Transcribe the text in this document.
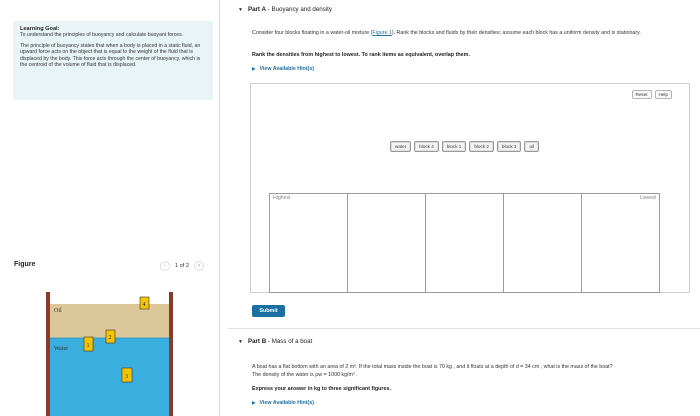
Learning Goal:

To understand the principles of buoyancy and calculate buoyant forces.

The principle of buoyancy states that when a body is placed in a static fluid, an upward force acts on the object that is equal to the weight of the fluid that is displaced by the body. This force acts through the center of buoyancy, which is the centroid of the volume of fluid that is displaced.

Figure	‹	1 of 2	›
Oil
Water
4
1
2
3
▼ Part A - Buoyancy and density
Consider four blocks floating in a water-oil mixture (Figure 1). Rank the blocks and fluids by their densities; assume each block has a uniform density and is stationary.
Rank the densities from highest to lowest. To rank items as equivalent, overlap them.
▶ View Available Hint(s)
Reset	Help
water	block 4	block 1	block 2	block 3	oil
Highest	Lowest
Submit
▼ Part B - Mass of a boat
A boat has a flat bottom with an area of 2 m². If the total mass inside the boat is 70 kg , and it floats at a depth of d = 34 cm , what is the mass of the boat?
The density of the water is ρw = 1000 kg/m³ .
Express your answer in kg to three significant figures.
▶ View Available Hint(s)
